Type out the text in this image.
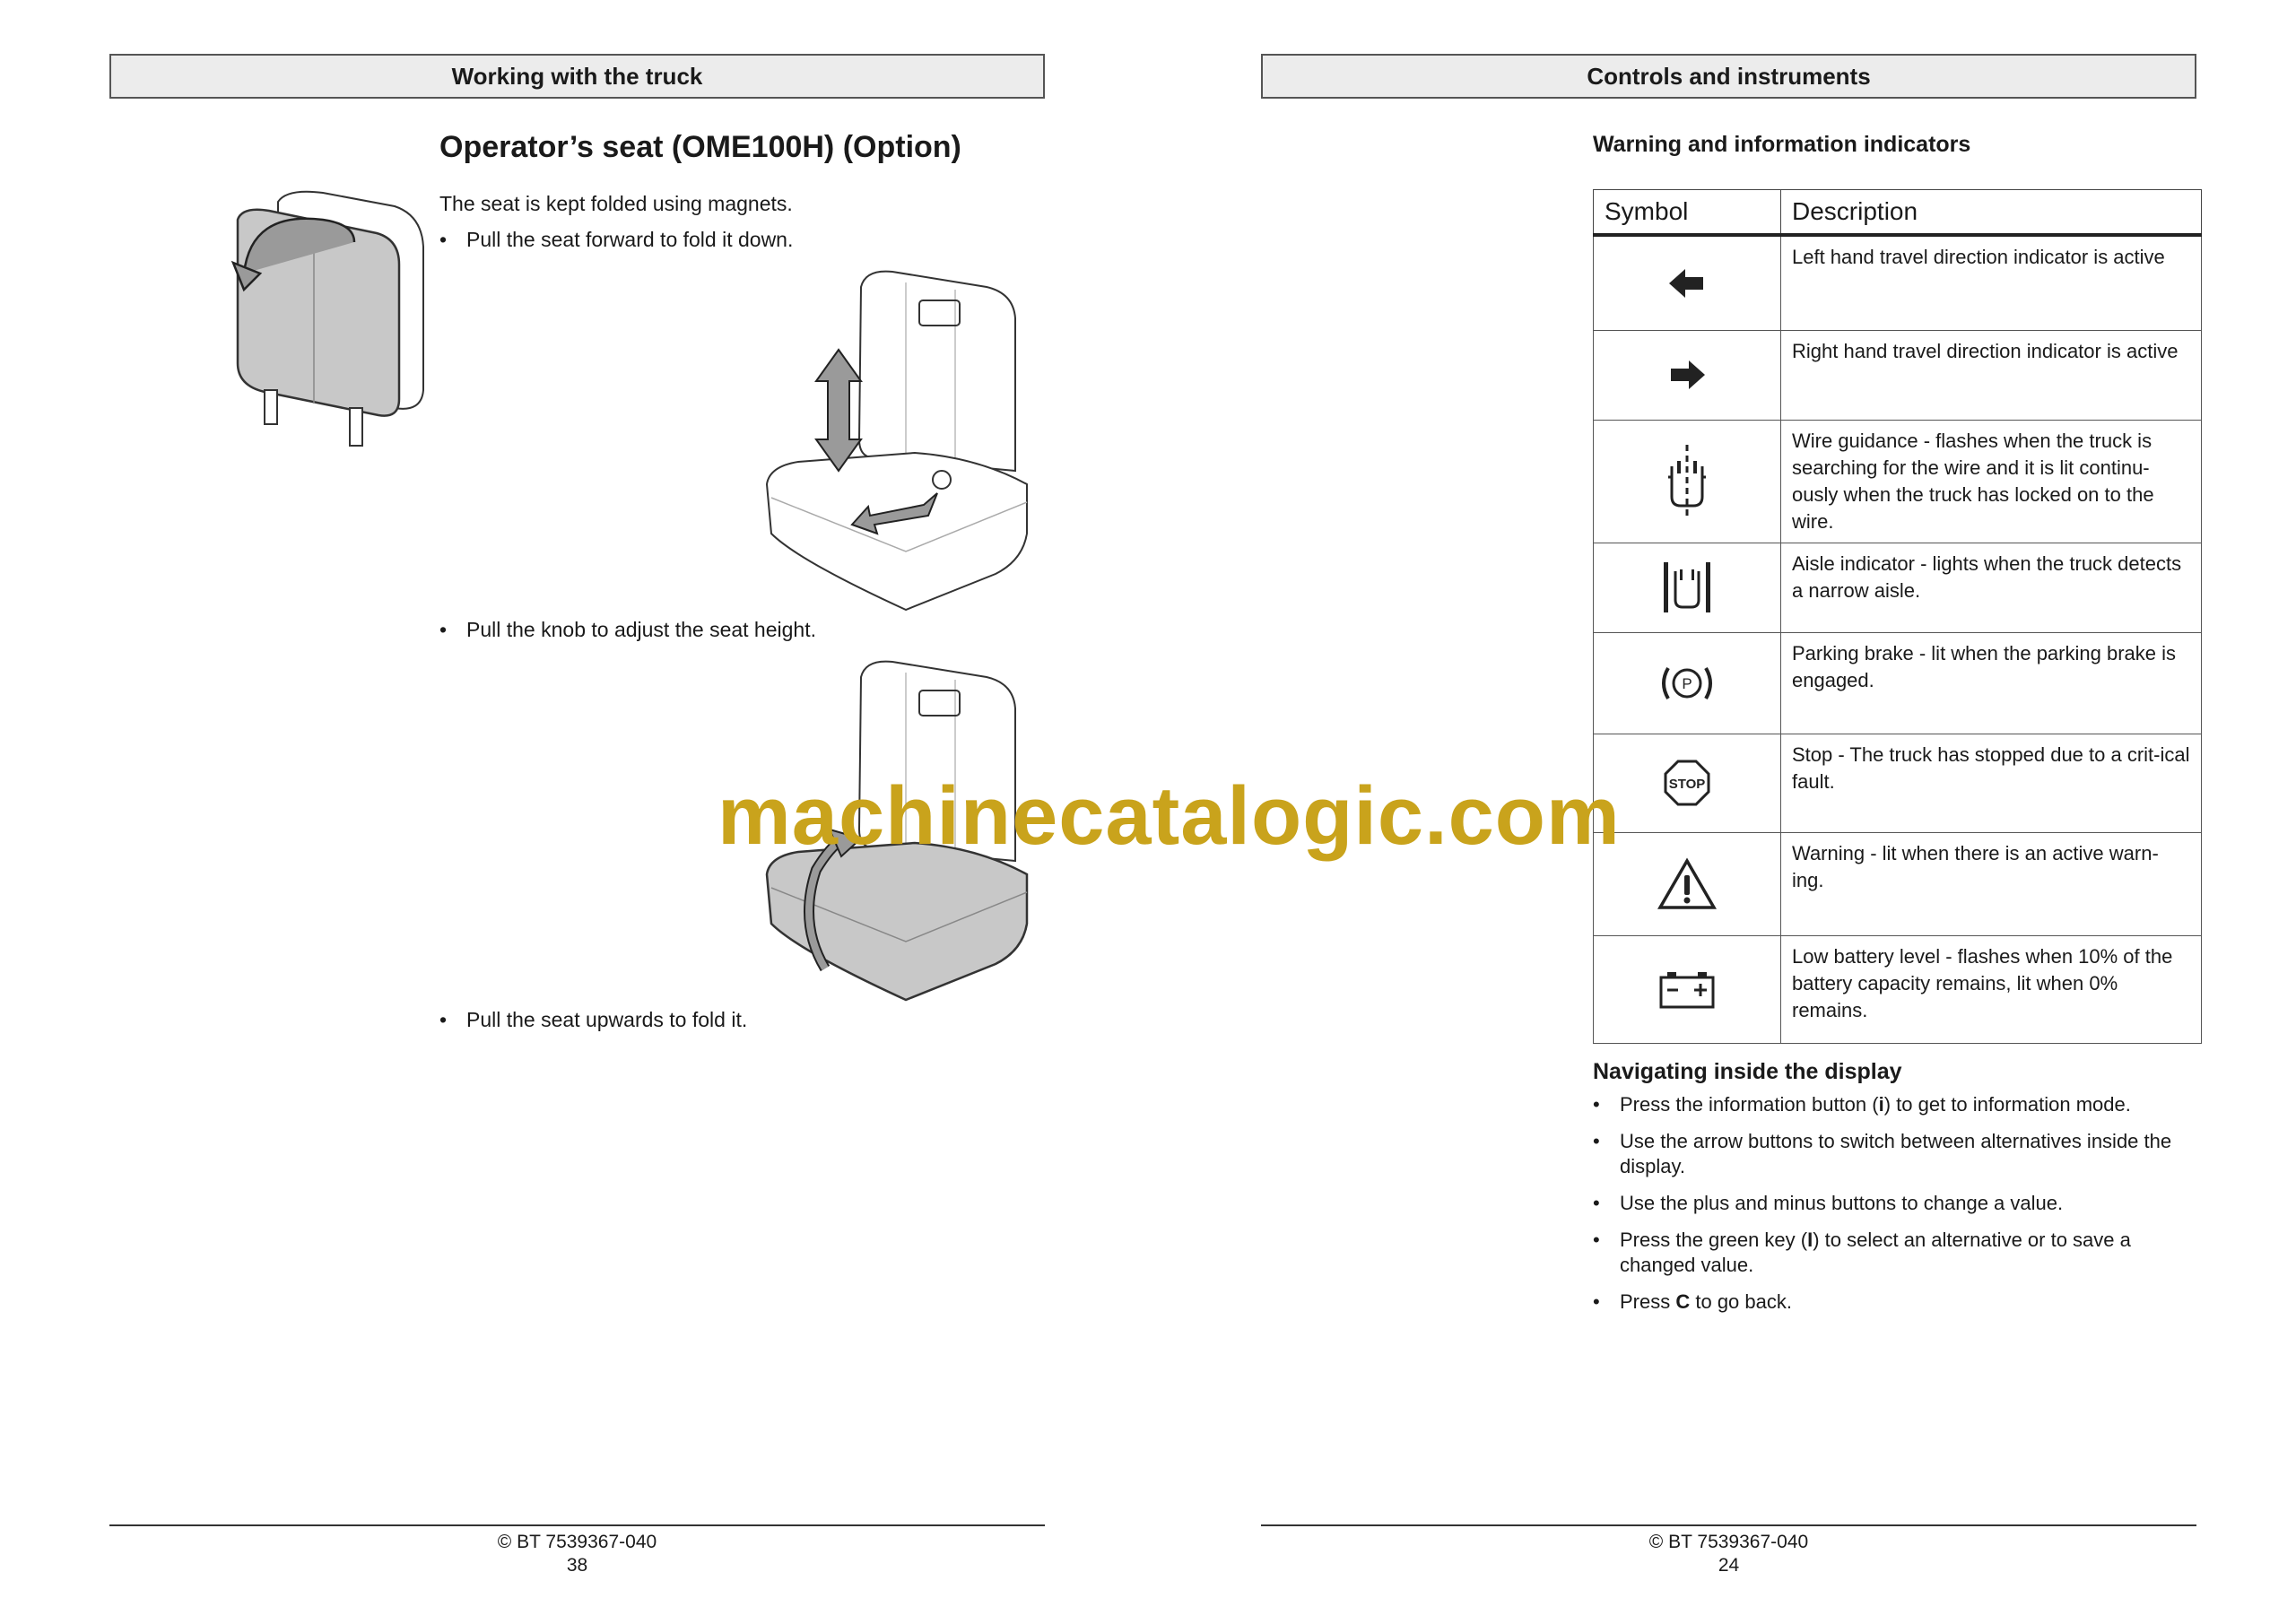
Working with the truck
Operator’s seat (OME100H) (Option)
The seat is kept folded using magnets.
• Pull the seat forward to fold it down.
• Pull the knob to adjust the seat height.
• Pull the seat upwards to fold it.
© BT 7539367-040
38
Controls and instruments
Warning and information indicators
Symbol	Description

	Left hand travel direction indicator is active

	Right hand travel direction indicator is active

	Wire guidance - flashes when the truck is searching for the wire and it is lit continu-ously when the truck has locked on to the wire.

	Aisle indicator - lights when the truck detects a narrow aisle.

P	Parking brake - lit when the parking brake is engaged.

STOP	Stop - The truck has stopped due to a crit-ical fault.

	Warning - lit when there is an active warn-ing.

	Low battery level - flashes when 10% of the battery capacity remains, lit when 0% remains.
Navigating inside the display
• Press the information button (i) to get to information mode.
• Use the arrow buttons to switch between alternatives inside the display.
• Use the plus and minus buttons to change a value.
• Press the green key (I) to select an alternative or to save a changed value.
• Press C to go back.
© BT 7539367-040
24
machinecatalogic.com
